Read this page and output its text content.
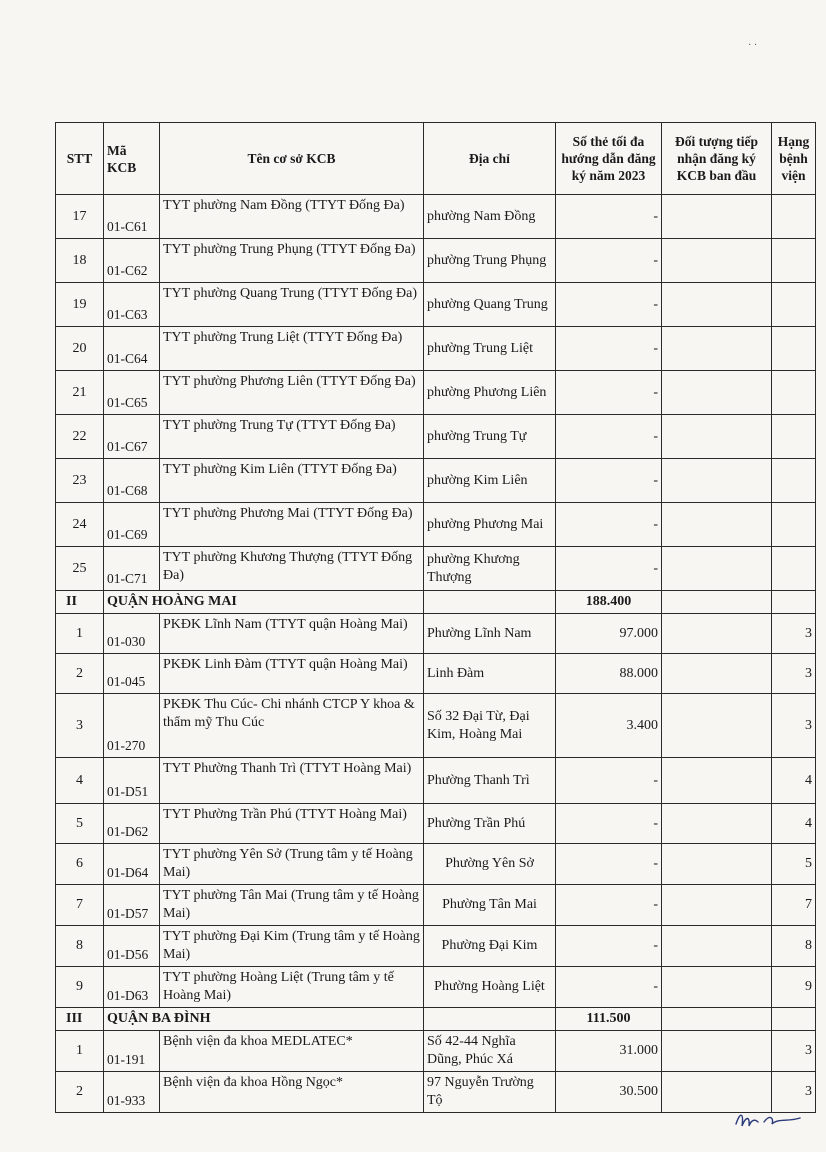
· ·
STT	Mã KCB	Tên cơ sở KCB	Địa chỉ	Số thẻ tối đa hướng dẫn đăng ký năm 2023	Đối tượng tiếp nhận đăng ký KCB ban đầu	Hạng bệnh viện
17	01-C61	TYT phường Nam Đồng (TTYT Đống Đa)	phường Nam Đồng	-		
18	01-C62	TYT phường Trung Phụng (TTYT Đống Đa)	phường Trung Phụng	-		
19	01-C63	TYT phường Quang Trung (TTYT Đống Đa)	phường Quang Trung	-		
20	01-C64	TYT phường Trung Liệt (TTYT Đống Đa)	phường Trung Liệt	-		
21	01-C65	TYT phường Phương Liên (TTYT Đống Đa)	phường Phương Liên	-		
22	01-C67	TYT phường Trung Tự (TTYT Đống Đa)	phường Trung Tự	-		
23	01-C68	TYT phường Kim Liên (TTYT Đống Đa)	phường Kim Liên	-		
24	01-C69	TYT phường Phương Mai (TTYT Đống Đa)	phường Phương Mai	-		
25	01-C71	TYT phường Khương Thượng (TTYT Đống Đa)	phường Khương Thượng	-		
II	QUẬN HOÀNG MAI			188.400		
1	01-030	PKĐK Lĩnh Nam (TTYT quận Hoàng Mai)	Phường Lĩnh Nam	97.000		3
2	01-045	PKĐK Linh Đàm (TTYT quận Hoàng Mai)	Linh Đàm	88.000		3
3	01-270	PKĐK Thu Cúc- Chi nhánh CTCP Y khoa & thẩm mỹ Thu Cúc	Số 32 Đại Từ, Đại Kim, Hoàng Mai	3.400		3
4	01-D51	TYT Phường Thanh Trì (TTYT Hoàng Mai)	Phường Thanh Trì	-		4
5	01-D62	TYT Phường Trần Phú (TTYT Hoàng Mai)	Phường Trần Phú	-		4
6	01-D64	TYT phường Yên Sở (Trung tâm y tế Hoàng Mai)	Phường Yên Sở	-		5
7	01-D57	TYT phường Tân Mai (Trung tâm y tế Hoàng Mai)	Phường Tân Mai	-		7
8	01-D56	TYT phường Đại Kim (Trung tâm y tế Hoàng Mai)	Phường Đại Kim	-		8
9	01-D63	TYT phường Hoàng Liệt (Trung tâm y tế Hoàng Mai)	Phường Hoàng Liệt	-		9
III	QUẬN BA ĐÌNH			111.500		
1	01-191	Bệnh viện đa khoa MEDLATEC*	Số 42-44 Nghĩa Dũng, Phúc Xá	31.000		3
2	01-933	Bệnh viện đa khoa Hồng Ngọc*	97 Nguyễn Trường Tộ	30.500		3
